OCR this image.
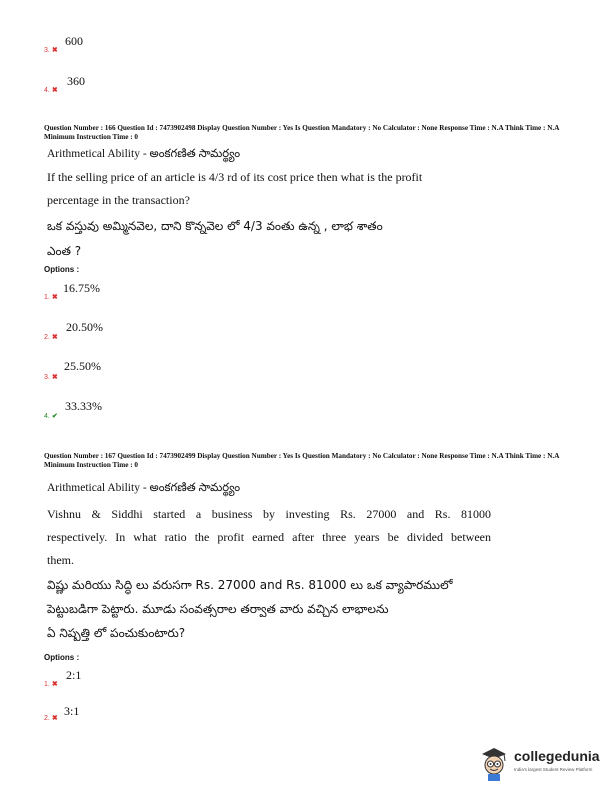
3. ✖
600
4. ✖
360
Question Number : 166 Question Id : 7473902498 Display Question Number : Yes Is Question Mandatory : No Calculator : None Response Time : N.A Think Time : N.A Minimum Instruction Time : 0
Arithmetical Ability - అంకగణిత సామర్థ్యం
If the selling price of an article is 4/3 rd of its cost price then what is the profit
percentage in the transaction?
ఒక వస్తువు అమ్మినవెల, దాని కొన్నవెల లో 4/3 వంతు ఉన్న , లాభ శాతం
ఎంత ?
Options :
1. ✖
16.75%
2. ✖
20.50%
3. ✖
25.50%
4. ✔
33.33%
Question Number : 167 Question Id : 7473902499 Display Question Number : Yes Is Question Mandatory : No Calculator : None Response Time : N.A Think Time : N.A Minimum Instruction Time : 0
Arithmetical Ability - అంకగణిత సామర్థ్యం
Vishnu & Siddhi started a business by investing Rs. 27000 and Rs. 81000
respectively. In what ratio the profit earned after three years be divided between
them.
విష్ణు మరియు సిద్ధి లు వరుసగా Rs. 27000 and Rs. 81000 లు ఒక వ్యాపారములో
పెట్టుబడిగా పెట్టారు. మూడు సంవత్సరాల తర్వాత వారు వచ్చిన లాభాలను
ఏ నిష్పత్తి లో పంచుకుంటారు?
Options :
1. ✖
2:1
2. ✖
3:1
collegedunia
India's largest Student Review Platform
